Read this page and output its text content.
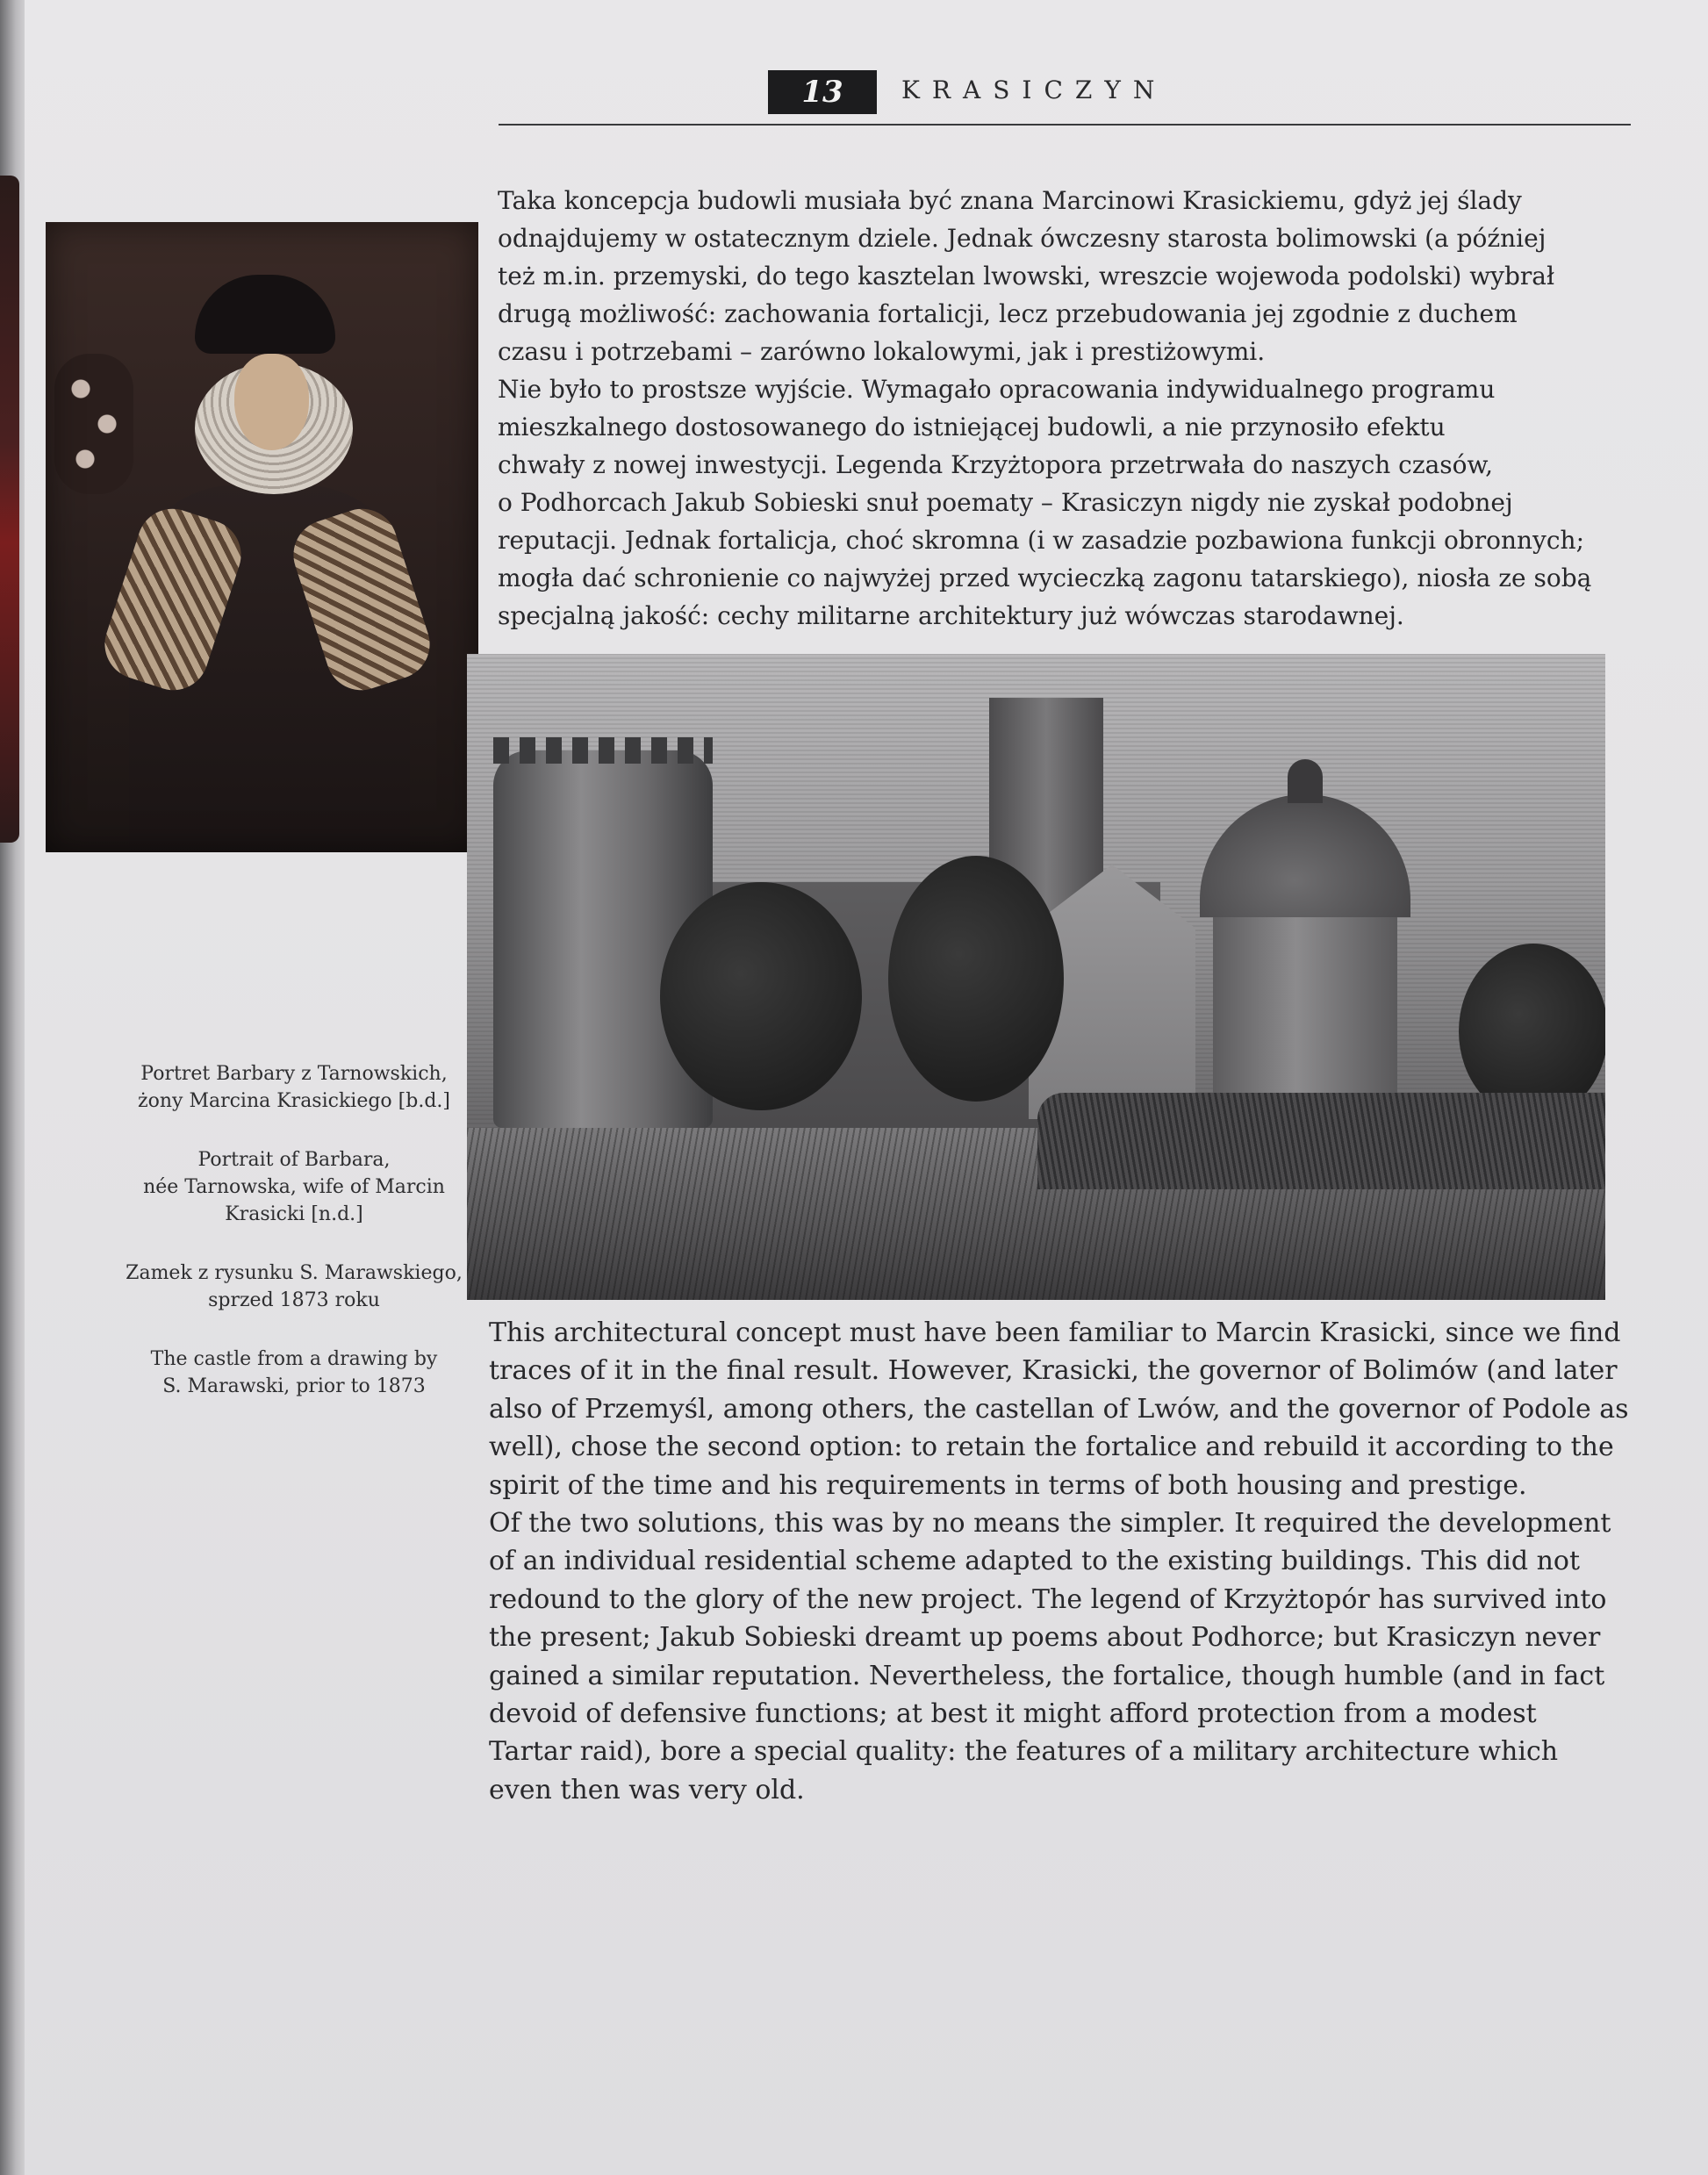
13	KRASICZYN
Taka koncepcja budowli musiała być znana Marcinowi Krasickiemu, gdyż jej ślady
odnajdujemy w ostatecznym dziele. Jednak ówczesny starosta bolimowski (a później
też m.in. przemyski, do tego kasztelan lwowski, wreszcie wojewoda podolski) wybrał
drugą możliwość: zachowania fortalicji, lecz przebudowania jej zgodnie z duchem
czasu i potrzebami – zarówno lokalowymi, jak i prestiżowymi.
Nie było to prostsze wyjście. Wymagało opracowania indywidualnego programu
mieszkalnego dostosowanego do istniejącej budowli, a nie przynosiło efektu
chwały z nowej inwestycji. Legenda Krzyżtopora przetrwała do naszych czasów,
o Podhorcach Jakub Sobieski snuł poematy – Krasiczyn nigdy nie zyskał podobnej
reputacji. Jednak fortalicja, choć skromna (i w zasadzie pozbawiona funkcji obronnych;
mogła dać schronienie co najwyżej przed wycieczką zagonu tatarskiego), niosła ze sobą
specjalną jakość: cechy militarne architektury już wówczas starodawnej.
Portret Barbary z Tarnowskich,
żony Marcina Krasickiego [b.d.]
Portrait of Barbara,
née Tarnowska, wife of Marcin
Krasicki [n.d.]
Zamek z rysunku S. Marawskiego,
sprzed 1873 roku
The castle from a drawing by
S. Marawski, prior to 1873
This architectural concept must have been familiar to Marcin Krasicki, since we find
traces of it in the final result. However, Krasicki, the governor of Bolimów (and later
also of Przemyśl, among others, the castellan of Lwów, and the governor of Podole as
well), chose the second option: to retain the fortalice and rebuild it according to the
spirit of the time and his requirements in terms of both housing and prestige.
Of the two solutions, this was by no means the simpler. It required the development
of an individual residential scheme adapted to the existing buildings. This did not
redound to the glory of the new project. The legend of Krzyżtopór has survived into
the present; Jakub Sobieski dreamt up poems about Podhorce; but Krasiczyn never
gained a similar reputation. Nevertheless, the fortalice, though humble (and in fact
devoid of defensive functions; at best it might afford protection from a modest
Tartar raid), bore a special quality: the features of a military architecture which
even then was very old.
